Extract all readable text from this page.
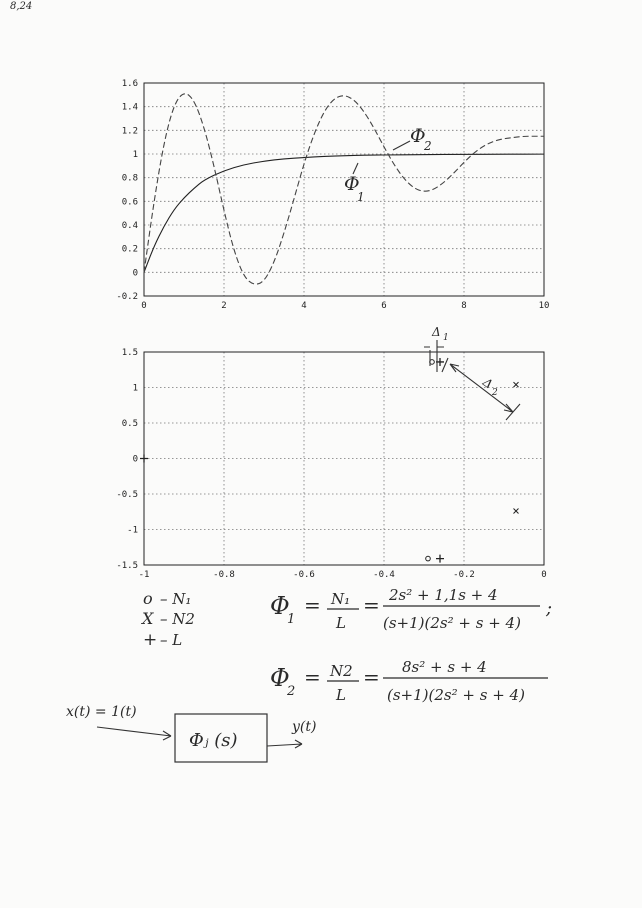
8,24
0	2	4	6	8	10
-0.2
0
0.2
0.4
0.6
0.8
1
1.2
1.4
1.6
Φ
2
Φ
1
-1	-0.8	-0.6	-0.4	-0.2	0
-1.5
-1
-0.5
0
0.5
1
1.5
Δ 1
Δ
2
o – N₁
X – N2
+ – L
Φ
1
= N₁
L
= 2s² + 1,1s + 4
(s+1)(2s² + s + 4)
;
Φ
2
= N2
L
= 8s² + s + 4
(s+1)(2s² + s + 4)
x(t) = 1(t)
Φⱼ (s)
y(t)
